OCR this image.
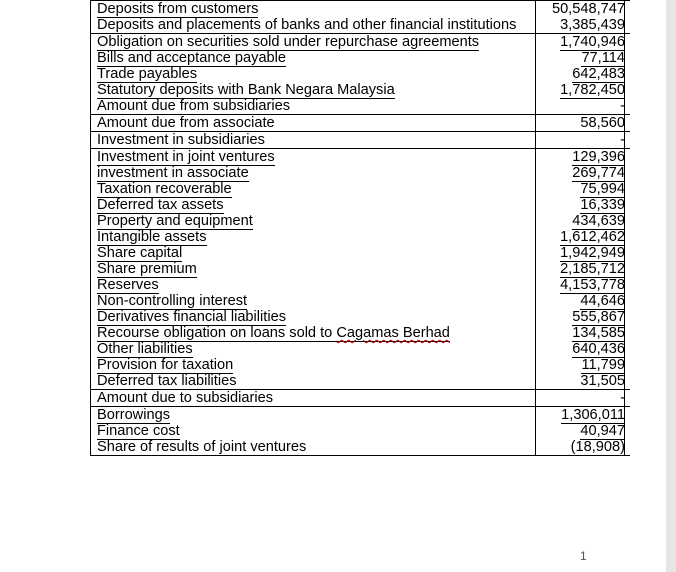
Deposits from customers	50,548,747
Deposits and placements of banks and other financial institutions	3,385,439
Obligation on securities sold under repurchase agreements	1,740,946
Bills and acceptance payable	77,114
Trade payables	642,483
Statutory deposits with Bank Negara Malaysia	1,782,450
Amount due from subsidiaries	-
Amount due from associate	58,560
Investment in subsidiaries	-
Investment in joint ventures	129,396
investment in associate	269,774
Taxation recoverable	75,994
Deferred tax assets	16,339
Property and equipment	434,639
Intangible assets	1,612,462
Share capital	1,942,949
Share premium	2,185,712
Reserves	4,153,778
Non-controlling interest	44,646
Derivatives financial liabilities	555,867
Recourse obligation on loans sold to Cagamas Berhad	134,585
Other liabilities	640,436
Provision for taxation	11,799
Deferred tax liabilities	31,505
Amount due to subsidiaries	-
Borrowings	1,306,011
Finance cost	40,947
Share of results of joint ventures	(18,908)
1
